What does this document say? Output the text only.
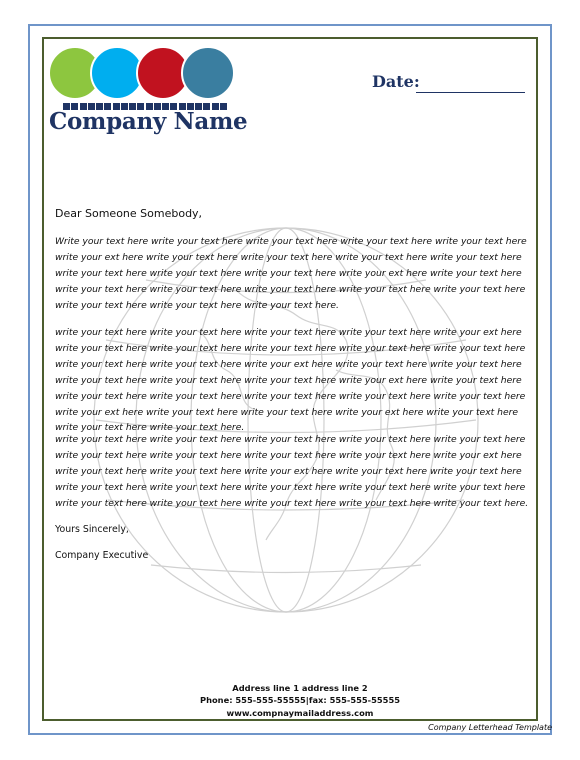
Company Name
Date:
Dear Someone Somebody,
Write your text here write your text here write your text here write your text here write your text here write your ext here write your text here write your text here write your text here write your text here write your text here write your text here write your text here write your ext here write your text here write your text here write your text here write your text here write your text here write your text here write your text here write your text here write your text here.
write your text here write your text here write your text here write your text here write your ext here write your text here write your text here write your text here write your text here write your text here write your text here write your text here write your ext here write your text here write your text here write your text here write your text here write your text here write your ext here write your text here write your text here write your text here write your text here write your text here write your text here write your ext here write your text here write your text here write your ext here write your text here write your text here write your text here.
write your text here write your text here write your text here write your text here write your text here write your text here write your text here write your text here write your text here write your ext here write your text here write your text here write your ext here write your text here write your text here write your text here write your text here write your text here write your text here write your text here write your text here write your text here write your text here write your text here write your text here.
Yours Sincerely,
Company Executive
Address line 1 address line 2
Phone: 555-555-55555|fax: 555-555-55555
www.compnaymailaddress.com
Company Letterhead Template
